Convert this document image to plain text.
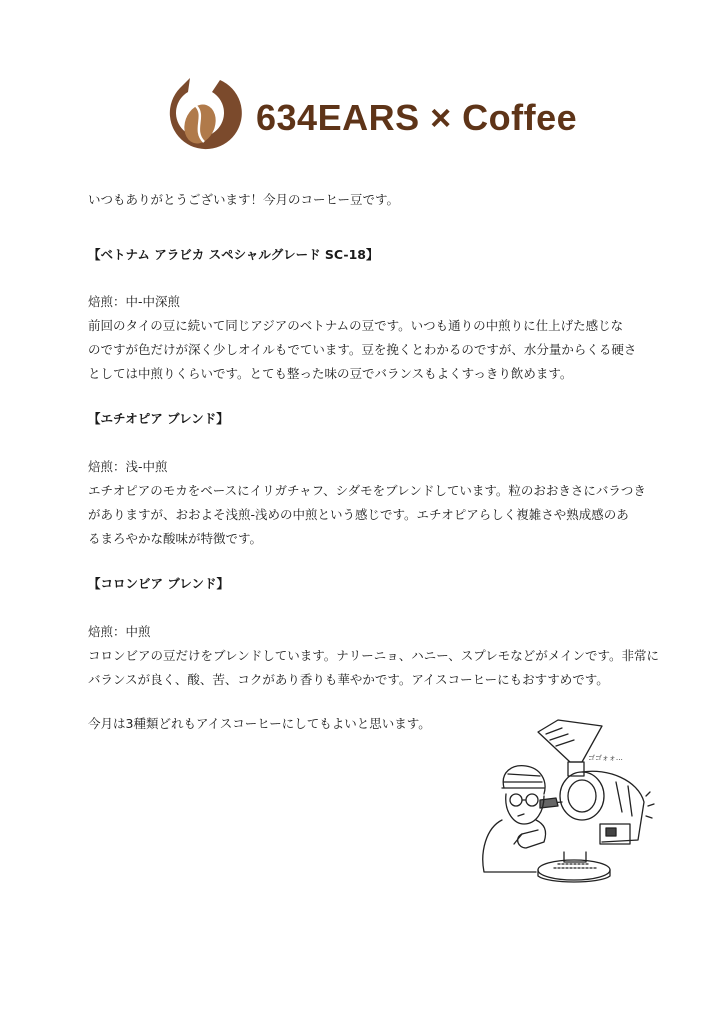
634EARS × Coffee
いつもありがとうございます！今月のコーヒー豆です。
【ベトナム アラビカ スペシャルグレード SC-18】
焙煎：中-中深煎
前回のタイの豆に続いて同じアジアのベトナムの豆です。いつも通りの中煎りに仕上げた感じな
のですが色だけが深く少しオイルもでています。豆を挽くとわかるのですが、水分量からくる硬さ
としては中煎りくらいです。とても整った味の豆でバランスもよくすっきり飲めます。
【エチオピア ブレンド】
焙煎：浅-中煎
エチオピアのモカをベースにイリガチャフ、シダモをブレンドしています。粒のおおきさにバラつき
がありますが、おおよそ浅煎-浅めの中煎という感じです。エチオピアらしく複雑さや熟成感のあ
るまろやかな酸味が特徴です。
【コロンビア ブレンド】
焙煎：中煎
コロンビアの豆だけをブレンドしています。ナリーニョ、ハニー、スプレモなどがメインです。非常に
バランスが良く、酸、苦、コクがあり香りも華やかです。アイスコーヒーにもおすすめです。
今月は3種類どれもアイスコーヒーにしてもよいと思います。
ゴゴォォ…
